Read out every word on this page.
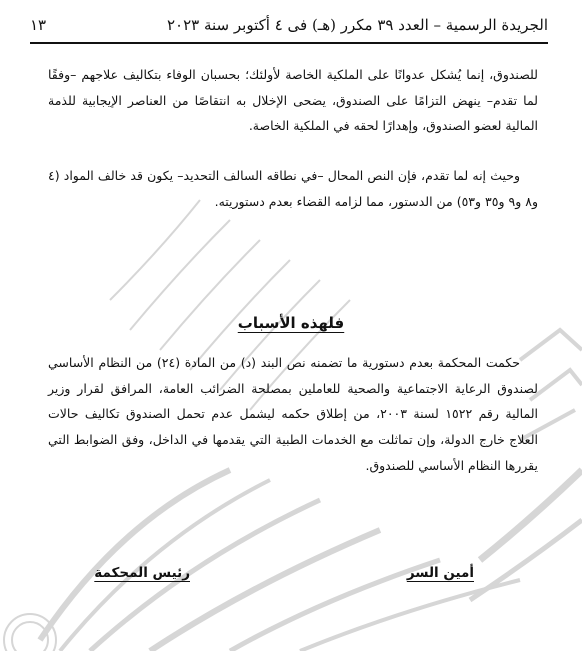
الجريدة الرسمية – العدد ٣٩ مكرر (هـ) فى ٤ أكتوبر سنة ٢٠٢٣
١٣

للصندوق، إنما يُشكل عدوانًا على الملكية الخاصة لأولئك؛ بحسبان الوفاء بتكاليف علاجهم –وفقًا لما تقدم– ينهض التزامًا على الصندوق، يضحى الإخلال به انتقاصًا من العناصر الإيجابية للذمة المالية لعضو الصندوق، وإهدارًا لحقه في الملكية الخاصة.

وحيث إنه لما تقدم، فإن النص المحال –في نطاقه السالف التحديد– يكون قد خالف المواد (٤ و٨ و٩ و٣٥ و٥٣) من الدستور، مما لزامه القضاء بعدم دستوريته.

فلهذه الأسباب

حكمت المحكمة بعدم دستورية ما تضمنه نص البند (د) من المادة (٢٤) من النظام الأساسي لصندوق الرعاية الاجتماعية والصحية للعاملين بمصلحة الضرائب العامة، المرافق لقرار وزير المالية رقم ١٥٢٢ لسنة ٢٠٠٣، من إطلاق حكمه ليشمل عدم تحمل الصندوق تكاليف حالات العلاج خارج الدولة، وإن تماثلت مع الخدمات الطبية التي يقدمها في الداخل، وفق الضوابط التي يقررها النظام الأساسي للصندوق.

أمين السر
رئيس المحكمة
